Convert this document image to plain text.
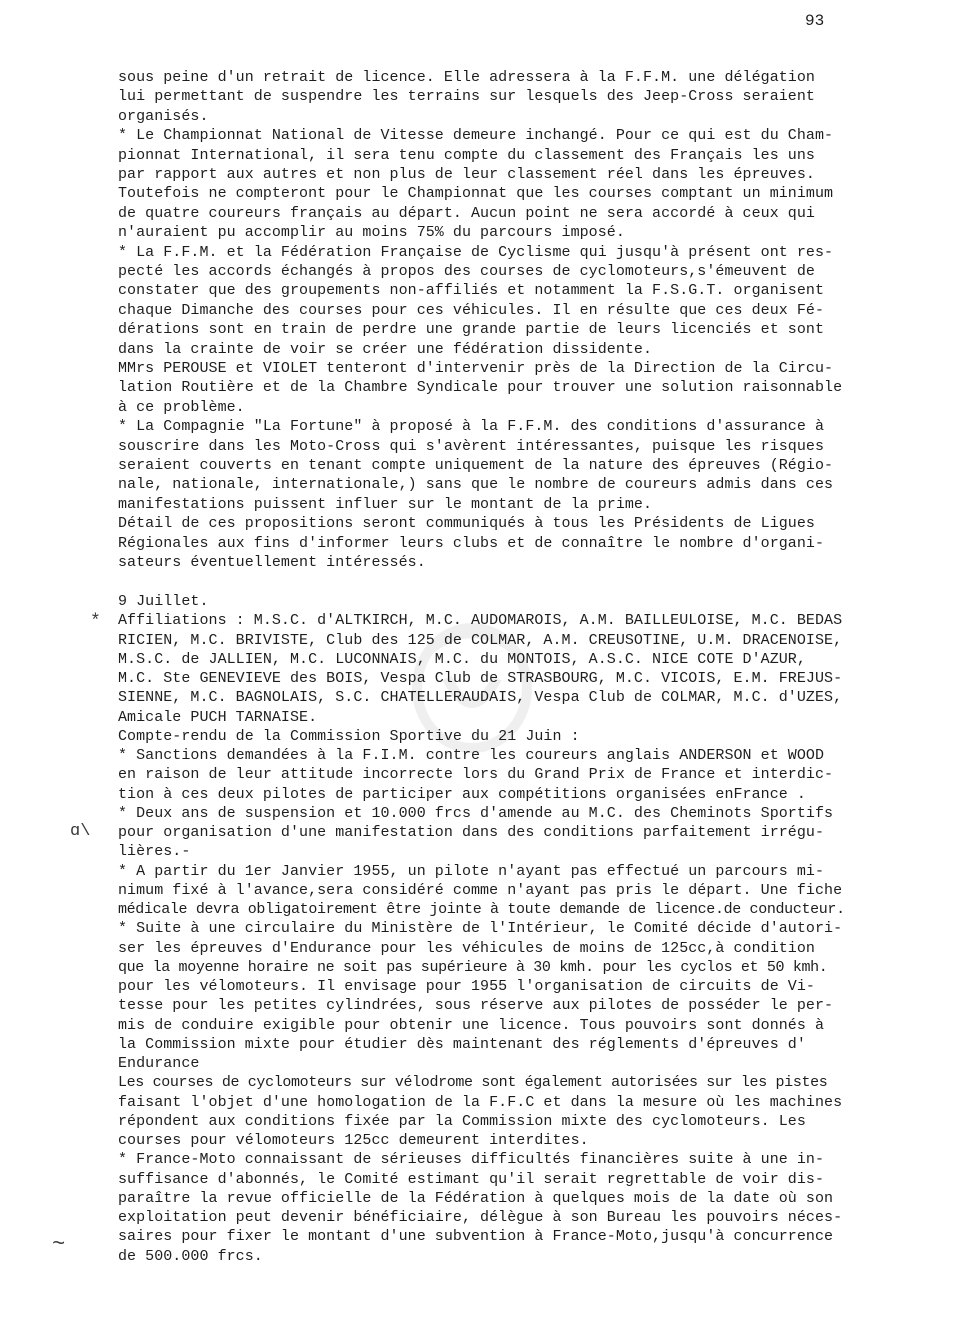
93
sous peine d'un retrait de licence. Elle adressera à la F.F.M. une délégation
lui permettant de suspendre les terrains sur lesquels des Jeep-Cross seraient
organisés.
* Le Championnat National de Vitesse demeure inchangé. Pour ce qui est du Cham-
pionnat International, il sera tenu compte du classement des Français les uns
par rapport aux autres et non plus de leur classement réel dans les épreuves.
Toutefois ne compteront pour le Championnat que les courses comptant un minimum
de quatre coureurs français au départ. Aucun point ne sera accordé à ceux qui
n'auraient pu accomplir au moins 75% du parcours imposé.
* La F.F.M. et la Fédération Française de Cyclisme qui jusqu'à présent ont res-
pecté les accords échangés à propos des courses de cyclomoteurs,s'émeuvent de
constater que des groupements non-affiliés et notamment la F.S.G.T. organisent
chaque Dimanche des courses pour ces véhicules. Il en résulte que ces deux Fé-
dérations sont en train de perdre une grande partie de leurs licenciés et sont
dans la crainte de voir se créer une fédération dissidente.
MMrs PEROUSE et VIOLET tenteront d'intervenir près de la Direction de la Circu-
lation Routière et de la Chambre Syndicale pour trouver une solution raisonnable
à ce problème.
* La Compagnie "La Fortune" à proposé à la F.F.M. des conditions d'assurance à
souscrire dans les Moto-Cross qui s'avèrent intéressantes, puisque les risques
seraient couverts en tenant compte uniquement de la nature des épreuves (Régio-
nale, nationale, internationale,) sans que le nombre de coureurs admis dans ces
manifestations puissent influer sur le montant de la prime.
Détail de ces propositions seront communiqués à tous les Présidents de Ligues
Régionales aux fins d'informer leurs clubs et de connaître le nombre d'organi-
sateurs éventuellement intéressés.
9 Juillet.
Affiliations : M.S.C. d'ALTKIRCH, M.C. AUDOMAROIS, A.M. BAILLEULOISE, M.C. BEDAS
RICIEN, M.C. BRIVISTE, Club des 125 de COLMAR, A.M. CREUSOTINE, U.M. DRACENOISE,
M.S.C. de JALLIEN, M.C. LUCONNAIS, M.C. du MONTOIS, A.S.C. NICE COTE D'AZUR,
M.C. Ste GENEVIEVE des BOIS, Vespa Club de STRASBOURG, M.C. VICOIS, E.M. FREJUS-
SIENNE, M.C. BAGNOLAIS, S.C. CHATELLERAUDAIS, Vespa Club de COLMAR, M.C. d'UZES,
Amicale PUCH TARNAISE.
Compte-rendu de la Commission Sportive du 21 Juin :
* Sanctions demandées à la F.I.M. contre les coureurs anglais ANDERSON et WOOD
en raison de leur attitude incorrecte lors du Grand Prix de France et interdic-
tion à ces deux pilotes de participer aux compétitions organisées enFrance .
* Deux ans de suspension et 10.000 frcs d'amende au M.C. des Cheminots Sportifs
pour organisation d'une manifestation dans des conditions parfaitement irrégu-
lières.-
* A partir du 1er Janvier 1955, un pilote n'ayant pas effectué un parcours mi-
nimum fixé à l'avance,sera considéré comme n'ayant pas pris le départ. Une fiche
médicale devra obligatoirement être jointe à toute demande de licence.de conducteur.
* Suite à une circulaire du Ministère de l'Intérieur, le Comité décide d'autori-
ser les épreuves d'Endurance pour les véhicules de moins de 125cc,à condition
que la moyenne horaire ne soit pas supérieure à 30 kmh. pour les cyclos et 50 kmh.
pour les vélomoteurs. Il envisage pour 1955 l'organisation de circuits de Vi-
tesse pour les petites cylindrées, sous réserve aux pilotes de posséder le per-
mis de conduire exigible pour obtenir une licence. Tous pouvoirs sont donnés à
la Commission mixte pour étudier dès maintenant des réglements d'épreuves d'
Endurance
Les courses de cyclomoteurs sur vélodrome sont également autorisées sur les pistes
faisant l'objet d'une homologation de la F.F.C et dans la mesure où les machines
répondent aux conditions fixée par la Commission mixte des cyclomoteurs. Les
courses pour vélomoteurs 125cc demeurent interdites.
* France-Moto connaissant de sérieuses difficultés financières suite à une in-
suffisance d'abonnés, le Comité estimant qu'il serait regrettable de voir dis-
paraître la revue officielle de la Fédération à quelques mois de la date où son
exploitation peut devenir bénéficiaire, délègue à son Bureau les pouvoirs néces-
saires pour fixer le montant d'une subvention à France-Moto,jusqu'à concurrence
de 500.000 frcs.
*
ɑ\
~
